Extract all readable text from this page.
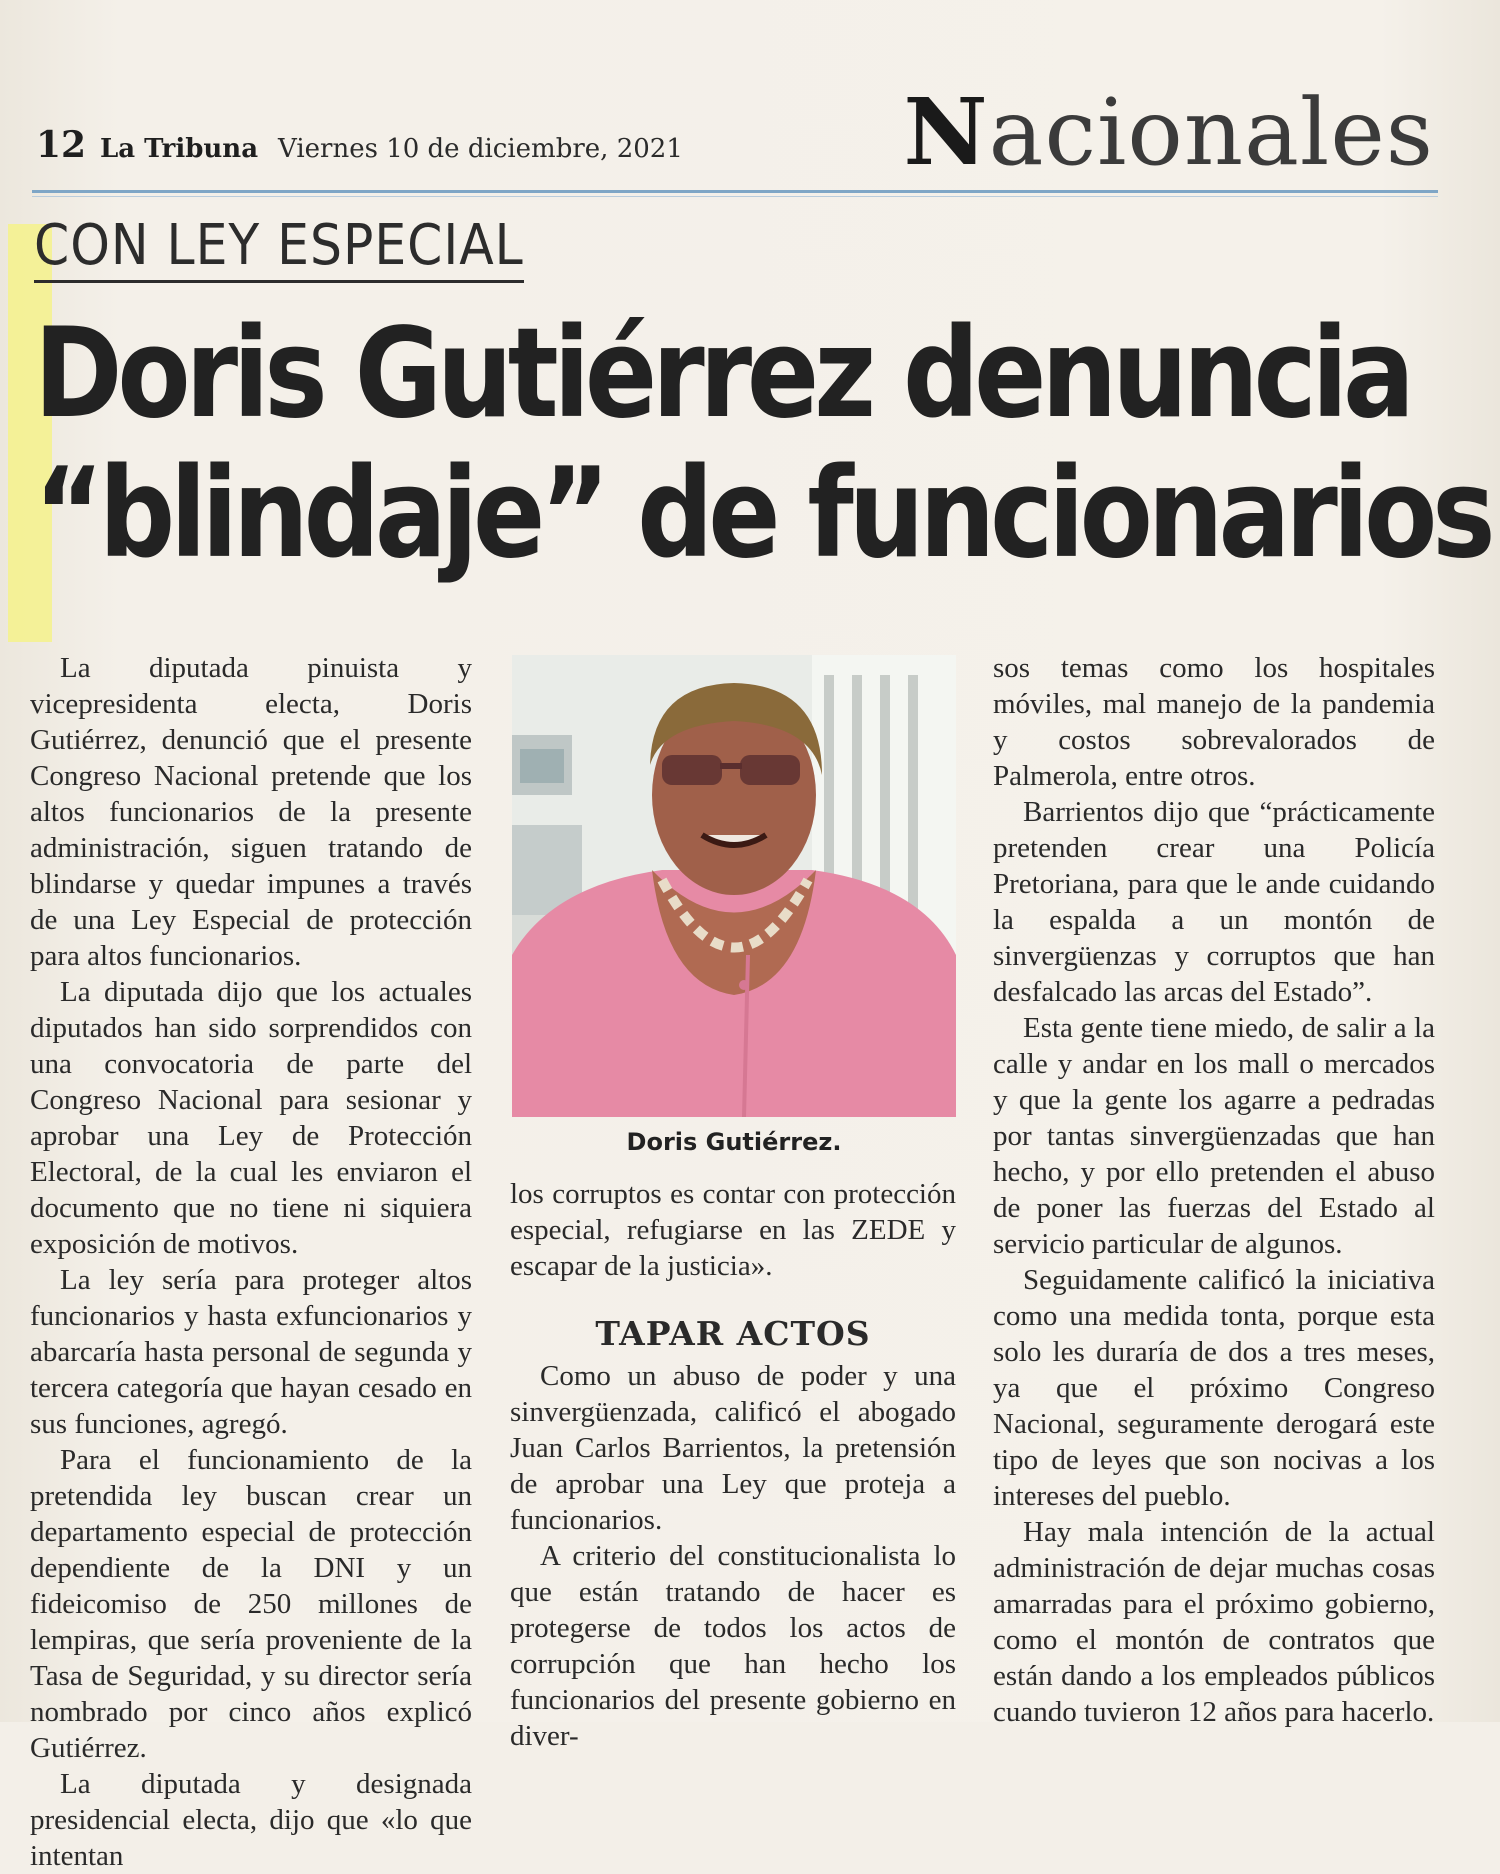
12 La Tribuna Viernes 10 de diciembre, 2021 Nacionales
CON LEY ESPECIAL
Doris Gutiérrez denuncia
“blindaje” de funcionarios

La diputada pinuista y vicepresidenta electa, Doris Gutiérrez, denunció que el presente Congreso Nacional pretende que los altos funcionarios de la presente administración, siguen tratando de blindarse y quedar impunes a través de una Ley Especial de protección para altos funcionarios.

La diputada dijo que los actuales diputados han sido sorprendidos con una convocatoria de parte del Congreso Nacional para sesionar y aprobar una Ley de Protección Electoral, de la cual les enviaron el documento que no tiene ni siquiera exposición de motivos.

La ley sería para proteger altos funcionarios y hasta exfuncionarios y abarcaría hasta personal de segunda y tercera categoría que hayan cesado en sus funciones, agregó.

Para el funcionamiento de la pretendida ley buscan crear un departamento especial de protección dependiente de la DNI y un fideicomiso de 250 millones de lempiras, que sería proveniente de la Tasa de Seguridad, y su director sería nombrado por cinco años explicó Gutiérrez.

La diputada y designada presidencial electa, dijo que «lo que intentan

Doris Gutiérrez.

los corruptos es contar con protección especial, refugiarse en las ZEDE y escapar de la justicia».

TAPAR ACTOS

Como un abuso de poder y una sinvergüenzada, calificó el abogado Juan Carlos Barrientos, la pretensión de aprobar una Ley que proteja a funcionarios.

A criterio del constitucionalista lo que están tratando de hacer es protegerse de todos los actos de corrupción que han hecho los funcionarios del presente gobierno en diver-

sos temas como los hospitales móviles, mal manejo de la pandemia y costos sobrevalorados de Palmerola, entre otros.

Barrientos dijo que “prácticamente pretenden crear una Policía Pretoriana, para que le ande cuidando la espalda a un montón de sinvergüenzas y corruptos que han desfalcado las arcas del Estado”.

Esta gente tiene miedo, de salir a la calle y andar en los mall o mercados y que la gente los agarre a pedradas por tantas sinvergüenzadas que han hecho, y por ello pretenden el abuso de poner las fuerzas del Estado al servicio particular de algunos.

Seguidamente calificó la iniciativa como una medida tonta, porque esta solo les duraría de dos a tres meses, ya que el próximo Congreso Nacional, seguramente derogará este tipo de leyes que son nocivas a los intereses del pueblo.

Hay mala intención de la actual administración de dejar muchas cosas amarradas para el próximo gobierno, como el montón de contratos que están dando a los empleados públicos cuando tuvieron 12 años para hacerlo.
